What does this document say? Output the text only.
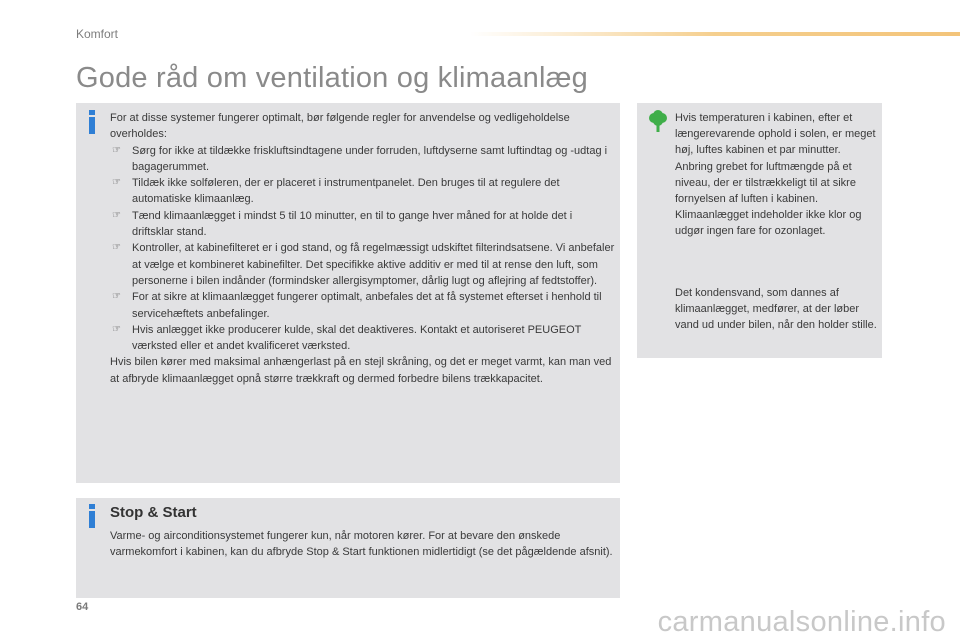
Komfort
Gode råd om ventilation og klimaanlæg

For at disse systemer fungerer optimalt, bør følgende regler for anvendelse og vedligeholdelse overholdes:

☞ Sørg for ikke at tildække friskluftsindtagene under forruden, luftdyserne samt luftindtag og -udtag i bagagerummet.
☞ Tildæk ikke solføleren, der er placeret i instrumentpanelet. Den bruges til at regulere det automatiske klimaanlæg.
☞ Tænd klimaanlægget i mindst 5 til 10 minutter, en til to gange hver måned for at holde det i driftsklar stand.
☞ Kontroller, at kabinefilteret er i god stand, og få regelmæssigt udskiftet filterindsatsene. Vi anbefaler at vælge et kombineret kabinefilter. Det specifikke aktive additiv er med til at rense den luft, som personerne i bilen indånder (formindsker allergisymptomer, dårlig lugt og aflejring af fedtstoffer).
☞ For at sikre at klimaanlægget fungerer optimalt, anbefales det at få systemet efterset i henhold til servicehæftets anbefalinger.
☞ Hvis anlægget ikke producerer kulde, skal det deaktiveres. Kontakt et autoriseret PEUGEOT værksted eller et andet kvalificeret værksted.

Hvis bilen kører med maksimal anhængerlast på en stejl skråning, og det er meget varmt, kan man ved at afbryde klimaanlægget opnå større trækkraft og dermed forbedre bilens trækkapacitet.

Stop & Start
Varme- og airconditionsystemet fungerer kun, når motoren kører. For at bevare den ønskede varmekomfort i kabinen, kan du afbryde Stop & Start funktionen midlertidigt (se det pågældende afsnit).

Hvis temperaturen i kabinen, efter et længerevarende ophold i solen, er meget høj, luftes kabinen et par minutter.

Anbring grebet for luftmængde på et niveau, der er tilstrækkeligt til at sikre fornyelsen af luften i kabinen.

Klimaanlægget indeholder ikke klor og udgør ingen fare for ozonlaget.

Det kondensvand, som dannes af klimaanlægget, medfører, at der løber vand ud under bilen, når den holder stille.

64	carmanualsonline.info
